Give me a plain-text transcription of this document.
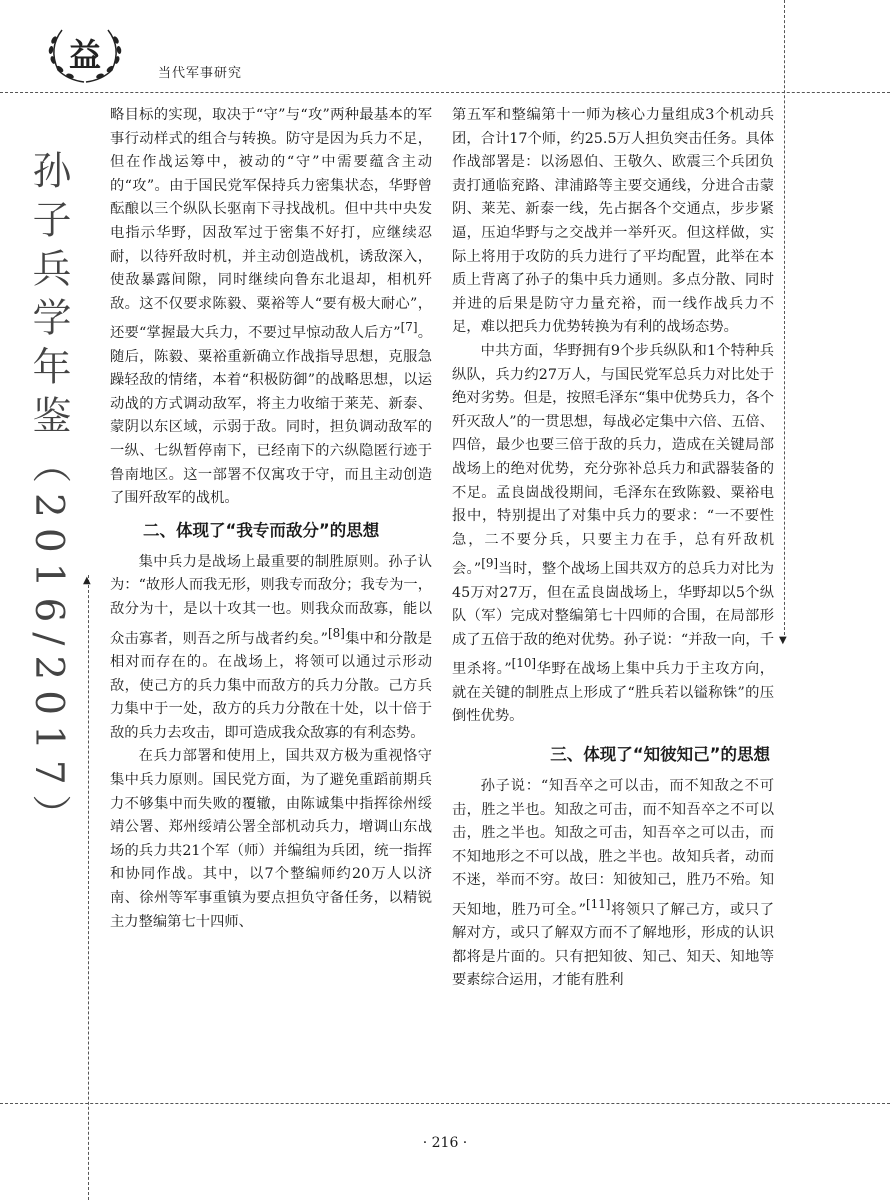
益	当代军事研究
孙子兵学年鉴（2016/2017） ▲
▼

略目标的实现，取决于“守”与“攻”两种最基本的军事行动样式的组合与转换。防守是因为兵力不足，但在作战运筹中，被动的“守”中需要蕴含主动的“攻”。由于国民党军保持兵力密集状态，华野曾酝酿以三个纵队长驱南下寻找战机。但中共中央发电指示华野，因敌军过于密集不好打，应继续忍耐，以待歼敌时机，并主动创造战机，诱敌深入，使敌暴露间隙，同时继续向鲁东北退却，相机歼敌。这不仅要求陈毅、粟裕等人“要有极大耐心”，还要“掌握最大兵力，不要过早惊动敌人后方”[7]。随后，陈毅、粟裕重新确立作战指导思想，克服急躁轻敌的情绪，本着“积极防御”的战略思想，以运动战的方式调动敌军，将主力收缩于莱芜、新泰、蒙阴以东区域，示弱于敌。同时，担负调动敌军的一纵、七纵暂停南下，已经南下的六纵隐匿行迹于鲁南地区。这一部署不仅寓攻于守，而且主动创造了围歼敌军的战机。

二、体现了“我专而敌分”的思想

集中兵力是战场上最重要的制胜原则。孙子认为：“故形人而我无形，则我专而敌分；我专为一，敌分为十，是以十攻其一也。则我众而敌寡，能以众击寡者，则吾之所与战者约矣。”[8]集中和分散是相对而存在的。在战场上，将领可以通过示形动敌，使己方的兵力集中而敌方的兵力分散。己方兵力集中于一处，敌方的兵力分散在十处，以十倍于敌的兵力去攻击，即可造成我众敌寡的有利态势。

在兵力部署和使用上，国共双方极为重视恪守集中兵力原则。国民党方面，为了避免重蹈前期兵力不够集中而失败的覆辙，由陈诚集中指挥徐州绥靖公署、郑州绥靖公署全部机动兵力，增调山东战场的兵力共21个军（师）并编组为兵团，统一指挥和协同作战。其中，以7个整编师约20万人以济南、徐州等军事重镇为要点担负守备任务，以精锐主力整编第七十四师、

第五军和整编第十一师为核心力量组成3个机动兵团，合计17个师，约25.5万人担负突击任务。具体作战部署是：以汤恩伯、王敬久、欧震三个兵团负责打通临兖路、津浦路等主要交通线，分进合击蒙阴、莱芜、新泰一线，先占据各个交通点，步步紧逼，压迫华野与之交战并一举歼灭。但这样做，实际上将用于攻防的兵力进行了平均配置，此举在本质上背离了孙子的集中兵力通则。多点分散、同时并进的后果是防守力量充裕，而一线作战兵力不足，难以把兵力优势转换为有利的战场态势。

中共方面，华野拥有9个步兵纵队和1个特种兵纵队，兵力约27万人，与国民党军总兵力对比处于绝对劣势。但是，按照毛泽东“集中优势兵力，各个歼灭敌人”的一贯思想，每战必定集中六倍、五倍、四倍，最少也要三倍于敌的兵力，造成在关键局部战场上的绝对优势，充分弥补总兵力和武器装备的不足。孟良崮战役期间，毛泽东在致陈毅、粟裕电报中，特别提出了对集中兵力的要求：“一不要性急，二不要分兵，只要主力在手，总有歼敌机会。”[9]当时，整个战场上国共双方的总兵力对比为45万对27万，但在孟良崮战场上，华野却以5个纵队（军）完成对整编第七十四师的合围，在局部形成了五倍于敌的绝对优势。孙子说：“并敌一向，千里杀将。”[10]华野在战场上集中兵力于主攻方向，就在关键的制胜点上形成了“胜兵若以镒称铢”的压倒性优势。

三、体现了“知彼知己”的思想

孙子说：“知吾卒之可以击，而不知敌之不可击，胜之半也。知敌之可击，而不知吾卒之不可以击，胜之半也。知敌之可击，知吾卒之可以击，而不知地形之不可以战，胜之半也。故知兵者，动而不迷，举而不穷。故曰：知彼知己，胜乃不殆。知天知地，胜乃可全。”[11]将领只了解己方，或只了解对方，或只了解双方而不了解地形，形成的认识都将是片面的。只有把知彼、知己、知天、知地等要素综合运用，才能有胜利

· 216 ·
